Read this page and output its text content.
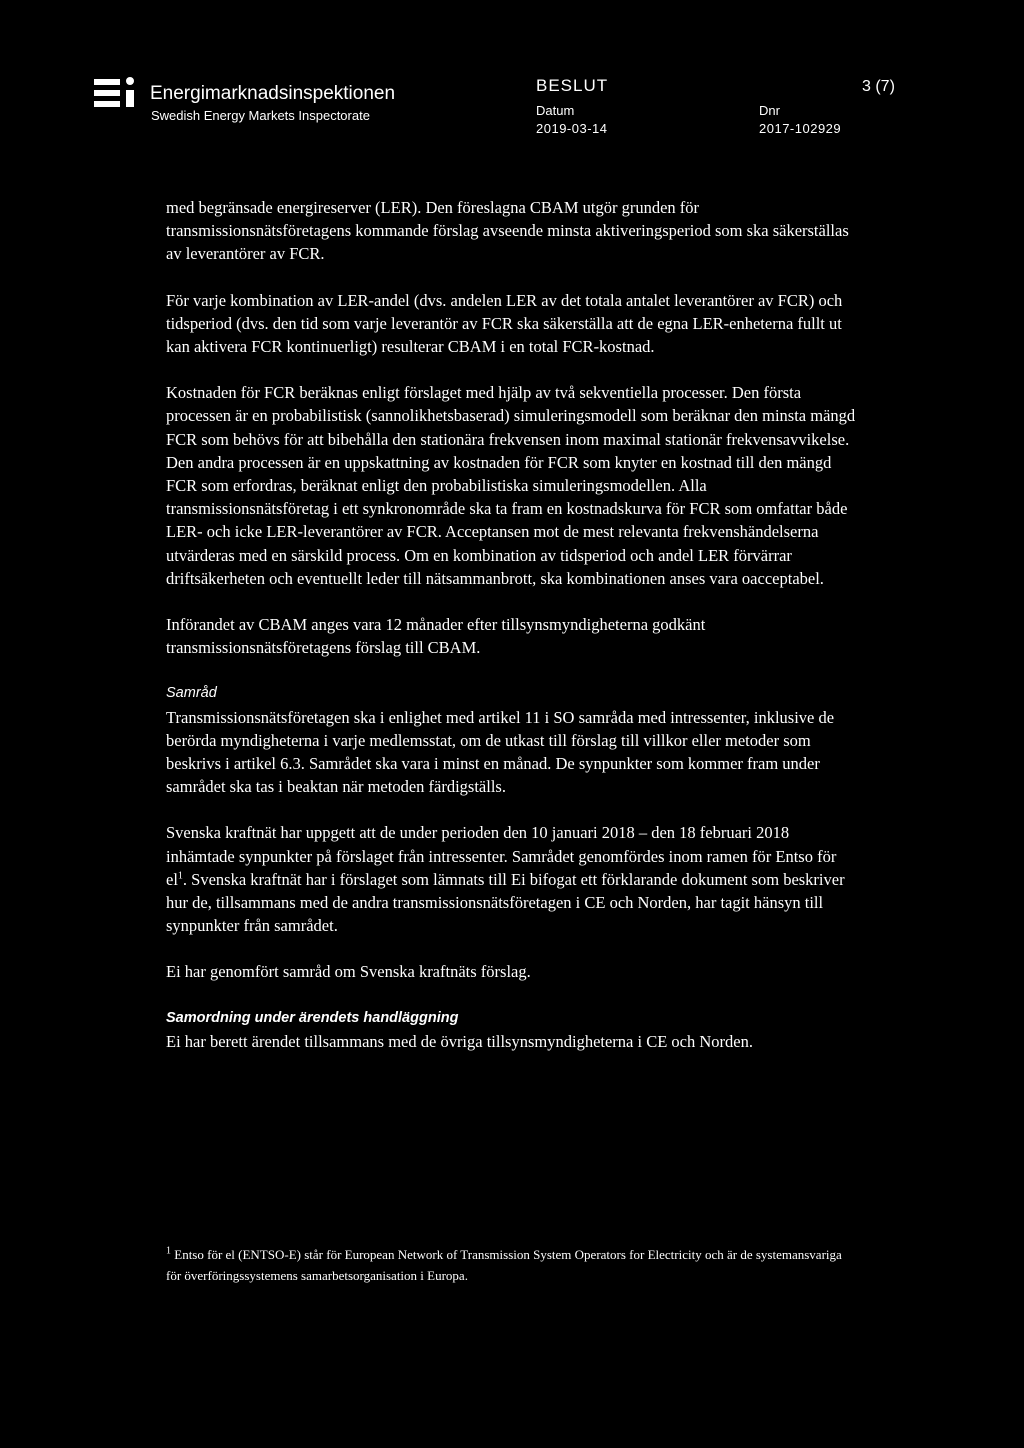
Energimarknadsinspektionen
Swedish Energy Markets Inspectorate
BESLUT	3 (7)
Datum
2019-03-14
Dnr
2017-102929

med begränsade energireserver (LER). Den föreslagna CBAM utgör grunden för transmissionsnätsföretagens kommande förslag avseende minsta aktiveringsperiod som ska säkerställas av leverantörer av FCR.

För varje kombination av LER-andel (dvs. andelen LER av det totala antalet leverantörer av FCR) och tidsperiod (dvs. den tid som varje leverantör av FCR ska säkerställa att de egna LER-enheterna fullt ut kan aktivera FCR kontinuerligt) resulterar CBAM i en total FCR-kostnad.

Kostnaden för FCR beräknas enligt förslaget med hjälp av två sekventiella processer. Den första processen är en probabilistisk (sannolikhetsbaserad) simuleringsmodell som beräknar den minsta mängd FCR som behövs för att bibehålla den stationära frekvensen inom maximal stationär frekvensavvikelse. Den andra processen är en uppskattning av kostnaden för FCR som knyter en kostnad till den mängd FCR som erfordras, beräknat enligt den probabilistiska simuleringsmodellen. Alla transmissionsnätsföretag i ett synkronområde ska ta fram en kostnadskurva för FCR som omfattar både LER- och icke LER-leverantörer av FCR. Acceptansen mot de mest relevanta frekvenshändelserna utvärderas med en särskild process. Om en kombination av tidsperiod och andel LER förvärrar driftsäkerheten och eventuellt leder till nätsammanbrott, ska kombinationen anses vara oacceptabel.

Införandet av CBAM anges vara 12 månader efter tillsynsmyndigheterna godkänt transmissionsnätsföretagens förslag till CBAM.

Samråd

Transmissionsnätsföretagen ska i enlighet med artikel 11 i SO samråda med intressenter, inklusive de berörda myndigheterna i varje medlemsstat, om de utkast till förslag till villkor eller metoder som beskrivs i artikel 6.3. Samrådet ska vara i minst en månad. De synpunkter som kommer fram under samrådet ska tas i beaktan när metoden färdigställs.

Svenska kraftnät har uppgett att de under perioden den 10 januari 2018 – den 18 februari 2018 inhämtade synpunkter på förslaget från intressenter. Samrådet genomfördes inom ramen för Entso för $el^1$. Svenska kraftnät har i förslaget som lämnats till Ei bifogat ett förklarande dokument som beskriver hur de, tillsammans med de andra transmissionsnätsföretagen i CE och Norden, har tagit hänsyn till synpunkter från samrådet.

Ei har genomfört samråd om Svenska kraftnäts förslag.

Samordning under ärendets handläggning

Ei har berett ärendet tillsammans med de övriga tillsynsmyndigheterna i CE och Norden.

$^1$ Entso för el (ENTSO-E) står för European Network of Transmission System Operators for Electricity och är de systemansvariga för överföringssystemens samarbetsorganisation i Europa.
